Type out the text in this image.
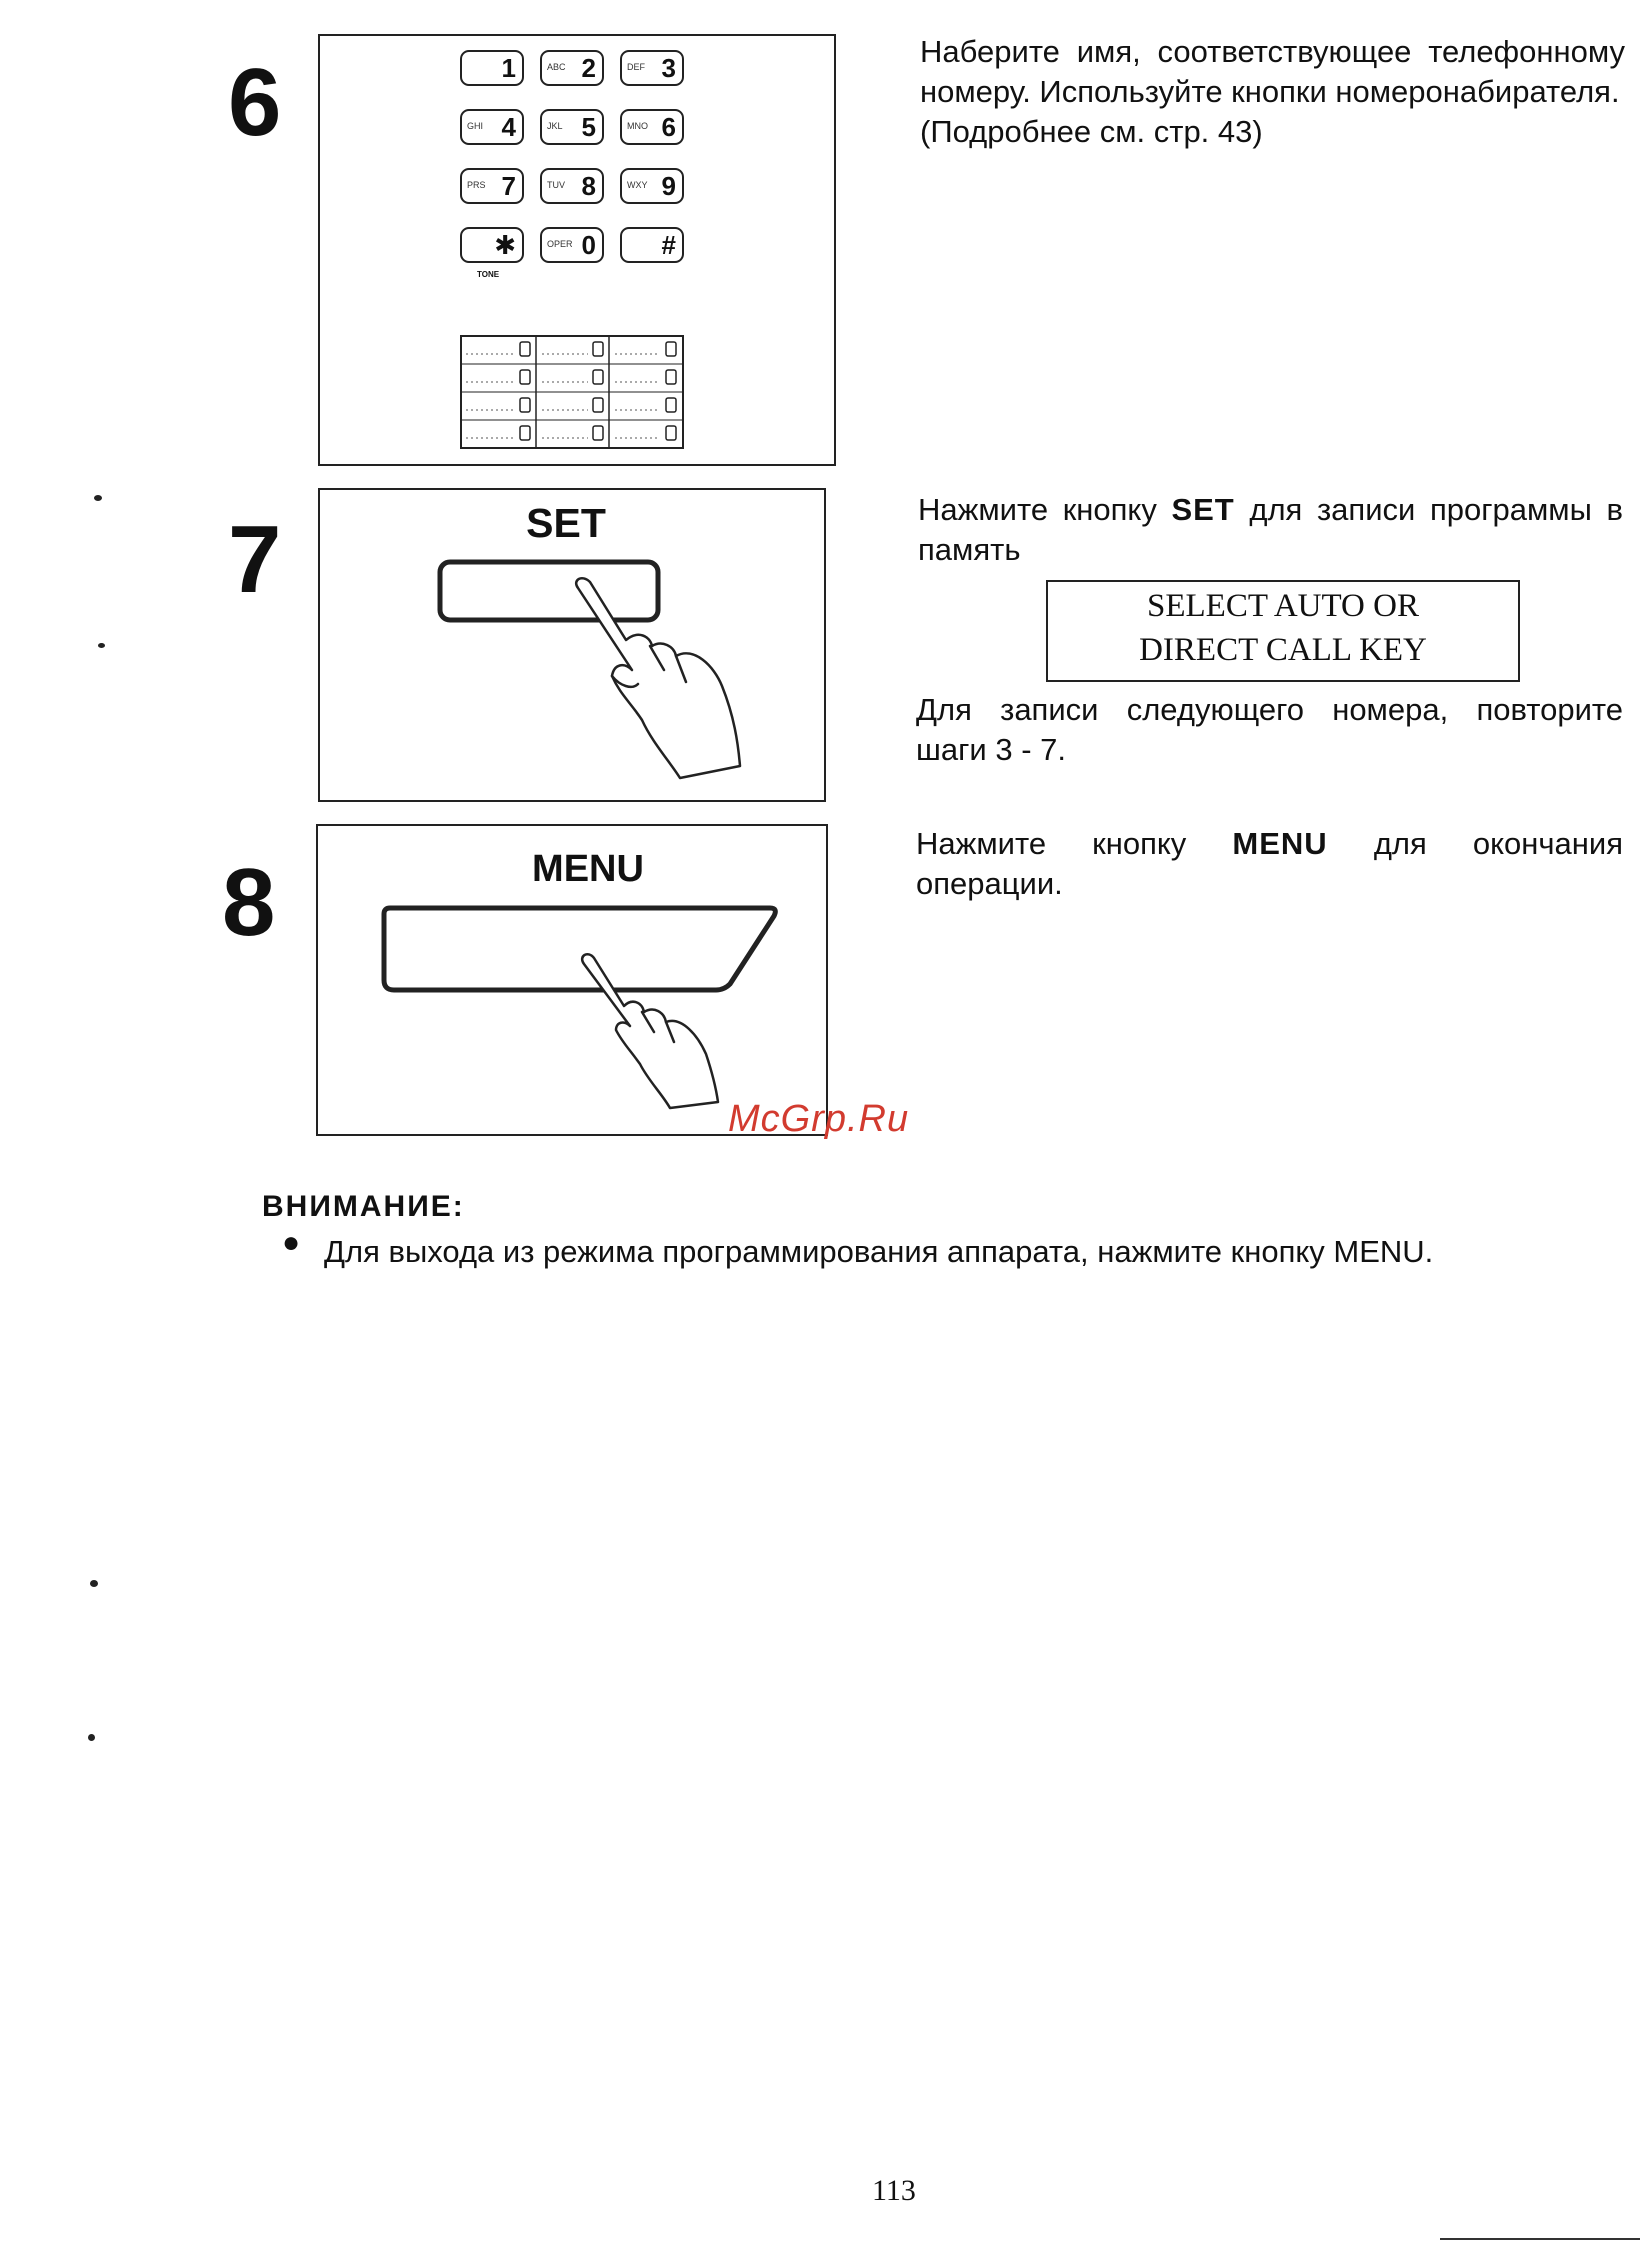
6	1	ABC 2	DEF 3
GHI 4	JKL 5	MNO 6
PRS 7	TUV 8	WXY 9
✱	OPER 0	#
TONE
Наберите имя, соответствующее телефонному номеру. Используйте кнопки номеронабирателя.
(Подробнее см. стр. 43)
7	SET	Нажмите кнопку SET для записи программы в память
SELECT AUTO OR
DIRECT CALL KEY
Для записи следующего номера, повторите шаги 3 - 7.
8	MENU
Нажмите кнопку MENU для окончания операции.
McGrp.Ru
ВНИМАНИЕ:
● Для выхода из режима программирования аппарата, нажмите кнопку MENU.
113
